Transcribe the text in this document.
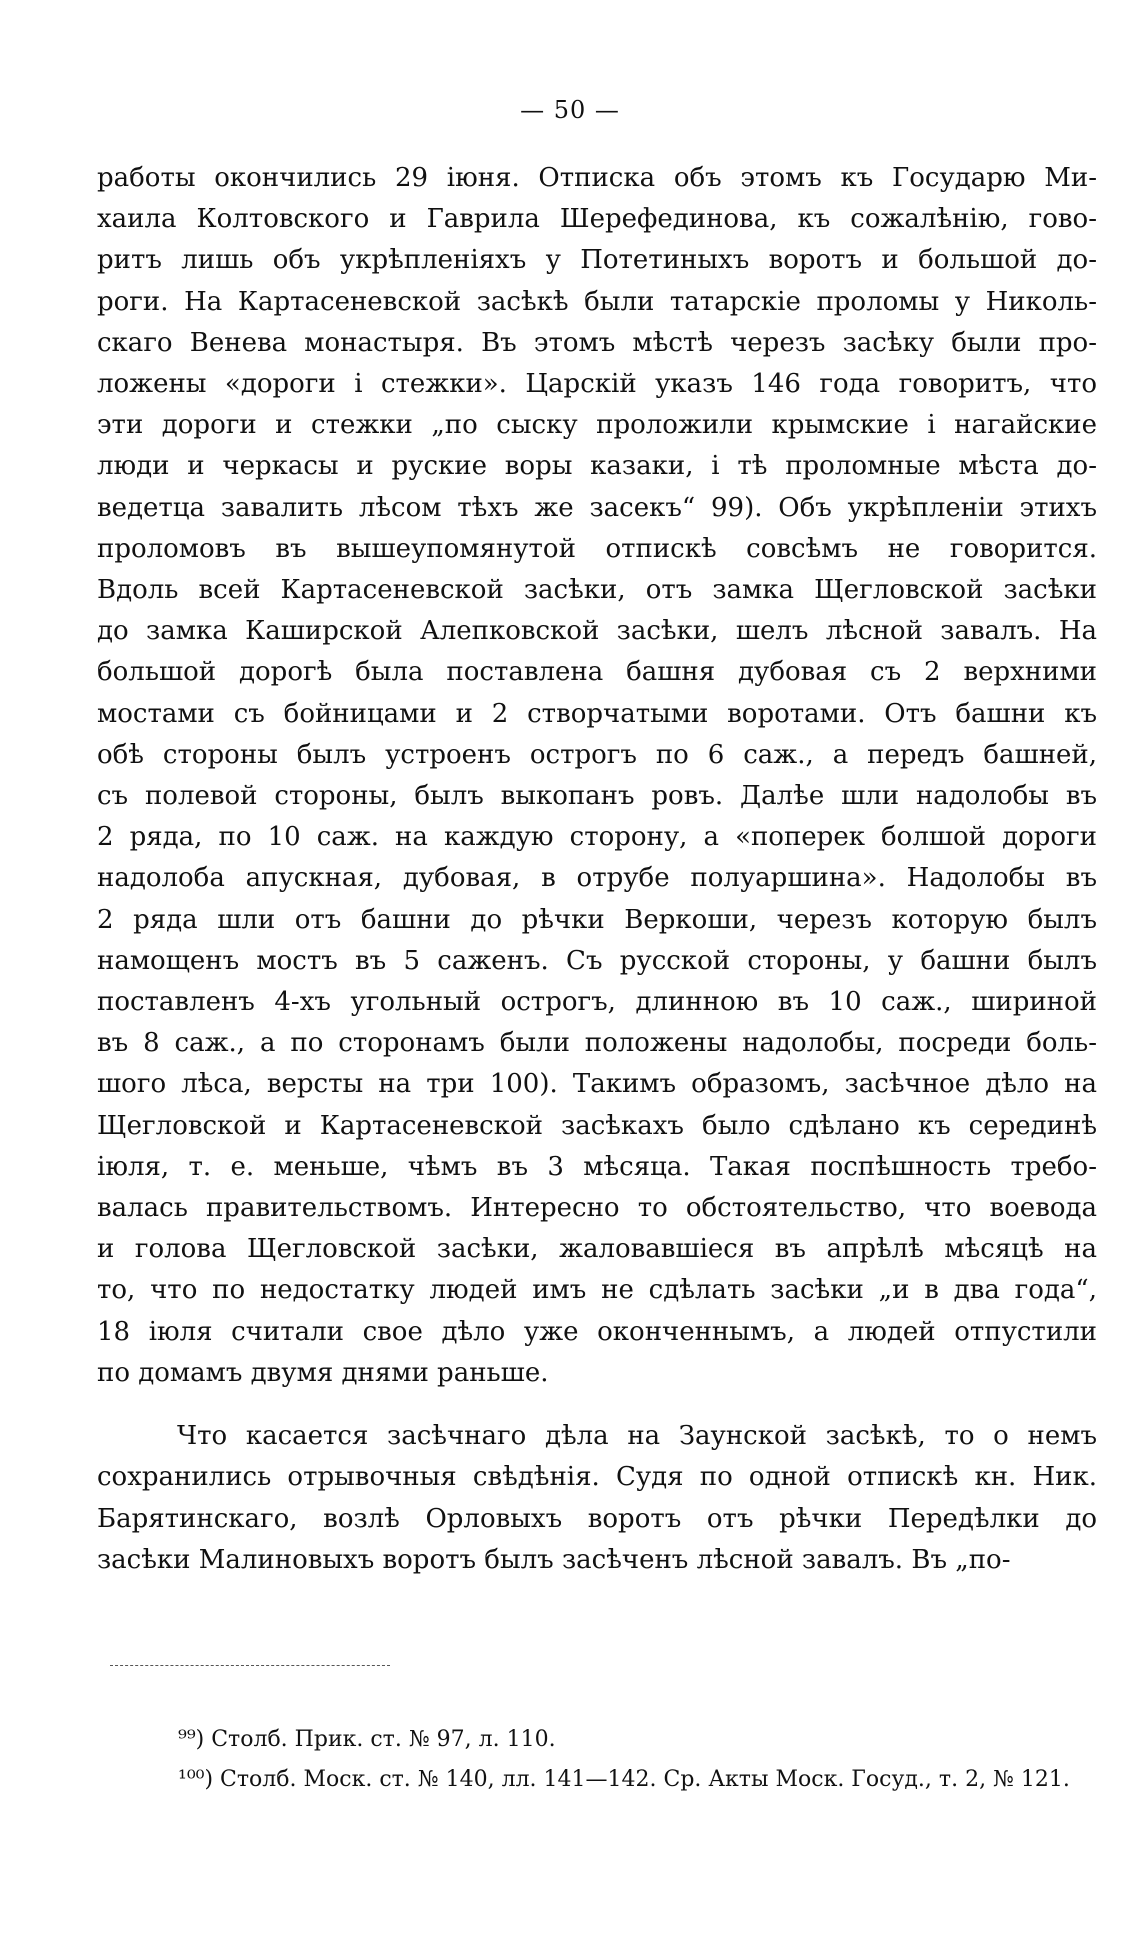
— 50 —
работы окончились 29 іюня. Отписка объ этомъ къ Государю Ми-
хаила Колтовского и Гаврила Шерефединова, къ сожалѣнію, гово-
ритъ лишь объ укрѣпленіяхъ у Потетиныхъ воротъ и большой до-
роги. На Картасеневской засѣкѣ были татарскіе проломы у Николь-
скаго Венева монастыря. Въ этомъ мѣстѣ черезъ засѣку были про-
ложены «дороги і стежки». Царскій указъ 146 года говоритъ, что
эти дороги и стежки „по сыску проложили крымские і нагайские
люди и черкасы и руские воры казаки, і тѣ проломные мѣста до-
ведетца завалить лѣсом тѣхъ же засекъ“ 99). Объ укрѣпленіи этихъ
проломовъ въ вышеупомянутой отпискѣ совсѣмъ не говорится.
Вдоль всей Картасеневской засѣки, отъ замка Щегловской засѣки
до замка Каширской Алепковской засѣки, шелъ лѣсной завалъ. На
большой дорогѣ была поставлена башня дубовая съ 2 верхними
мостами съ бойницами и 2 створчатыми воротами. Отъ башни къ
обѣ стороны былъ устроенъ острогъ по 6 саж., а передъ башней,
съ полевой стороны, былъ выкопанъ ровъ. Далѣе шли надолобы въ
2 ряда, по 10 саж. на каждую сторону, а «поперек болшой дороги
надолоба апускная, дубовая, в отрубе полуаршина». Надолобы въ
2 ряда шли отъ башни до рѣчки Веркоши, черезъ которую былъ
намощенъ мостъ въ 5 саженъ. Съ русской стороны, у башни былъ
поставленъ 4-хъ угольный острогъ, длинною въ 10 саж., шириной
въ 8 саж., а по сторонамъ были положены надолобы, посреди боль-
шого лѣса, версты на три 100). Такимъ образомъ, засѣчное дѣло на
Щегловской и Картасеневской засѣкахъ было сдѣлано къ серединѣ
іюля, т. е. меньше, чѣмъ въ 3 мѣсяца. Такая поспѣшность требо-
валась правительствомъ. Интересно то обстоятельство, что воевода
и голова Щегловской засѣки, жаловавшіеся въ апрѣлѣ мѣсяцѣ на
то, что по недостатку людей имъ не сдѣлать засѣки „и в два года“,
18 іюля считали свое дѣло уже оконченнымъ, а людей отпустили
по домамъ двумя днями раньше.
Что касается засѣчнаго дѣла на Заунской засѣкѣ, то о немъ
сохранились отрывочныя свѣдѣнія. Судя по одной отпискѣ кн. Ник.
Барятинскаго, возлѣ Орловыхъ воротъ отъ рѣчки Передѣлки до
засѣки Малиновыхъ воротъ былъ засѣченъ лѣсной завалъ. Въ „по-
⁹⁹) Столб. Прик. ст. № 97, л. 110.
¹⁰⁰) Столб. Моск. ст. № 140, лл. 141—142. Ср. Акты Моск. Госуд., т. 2, № 121.
